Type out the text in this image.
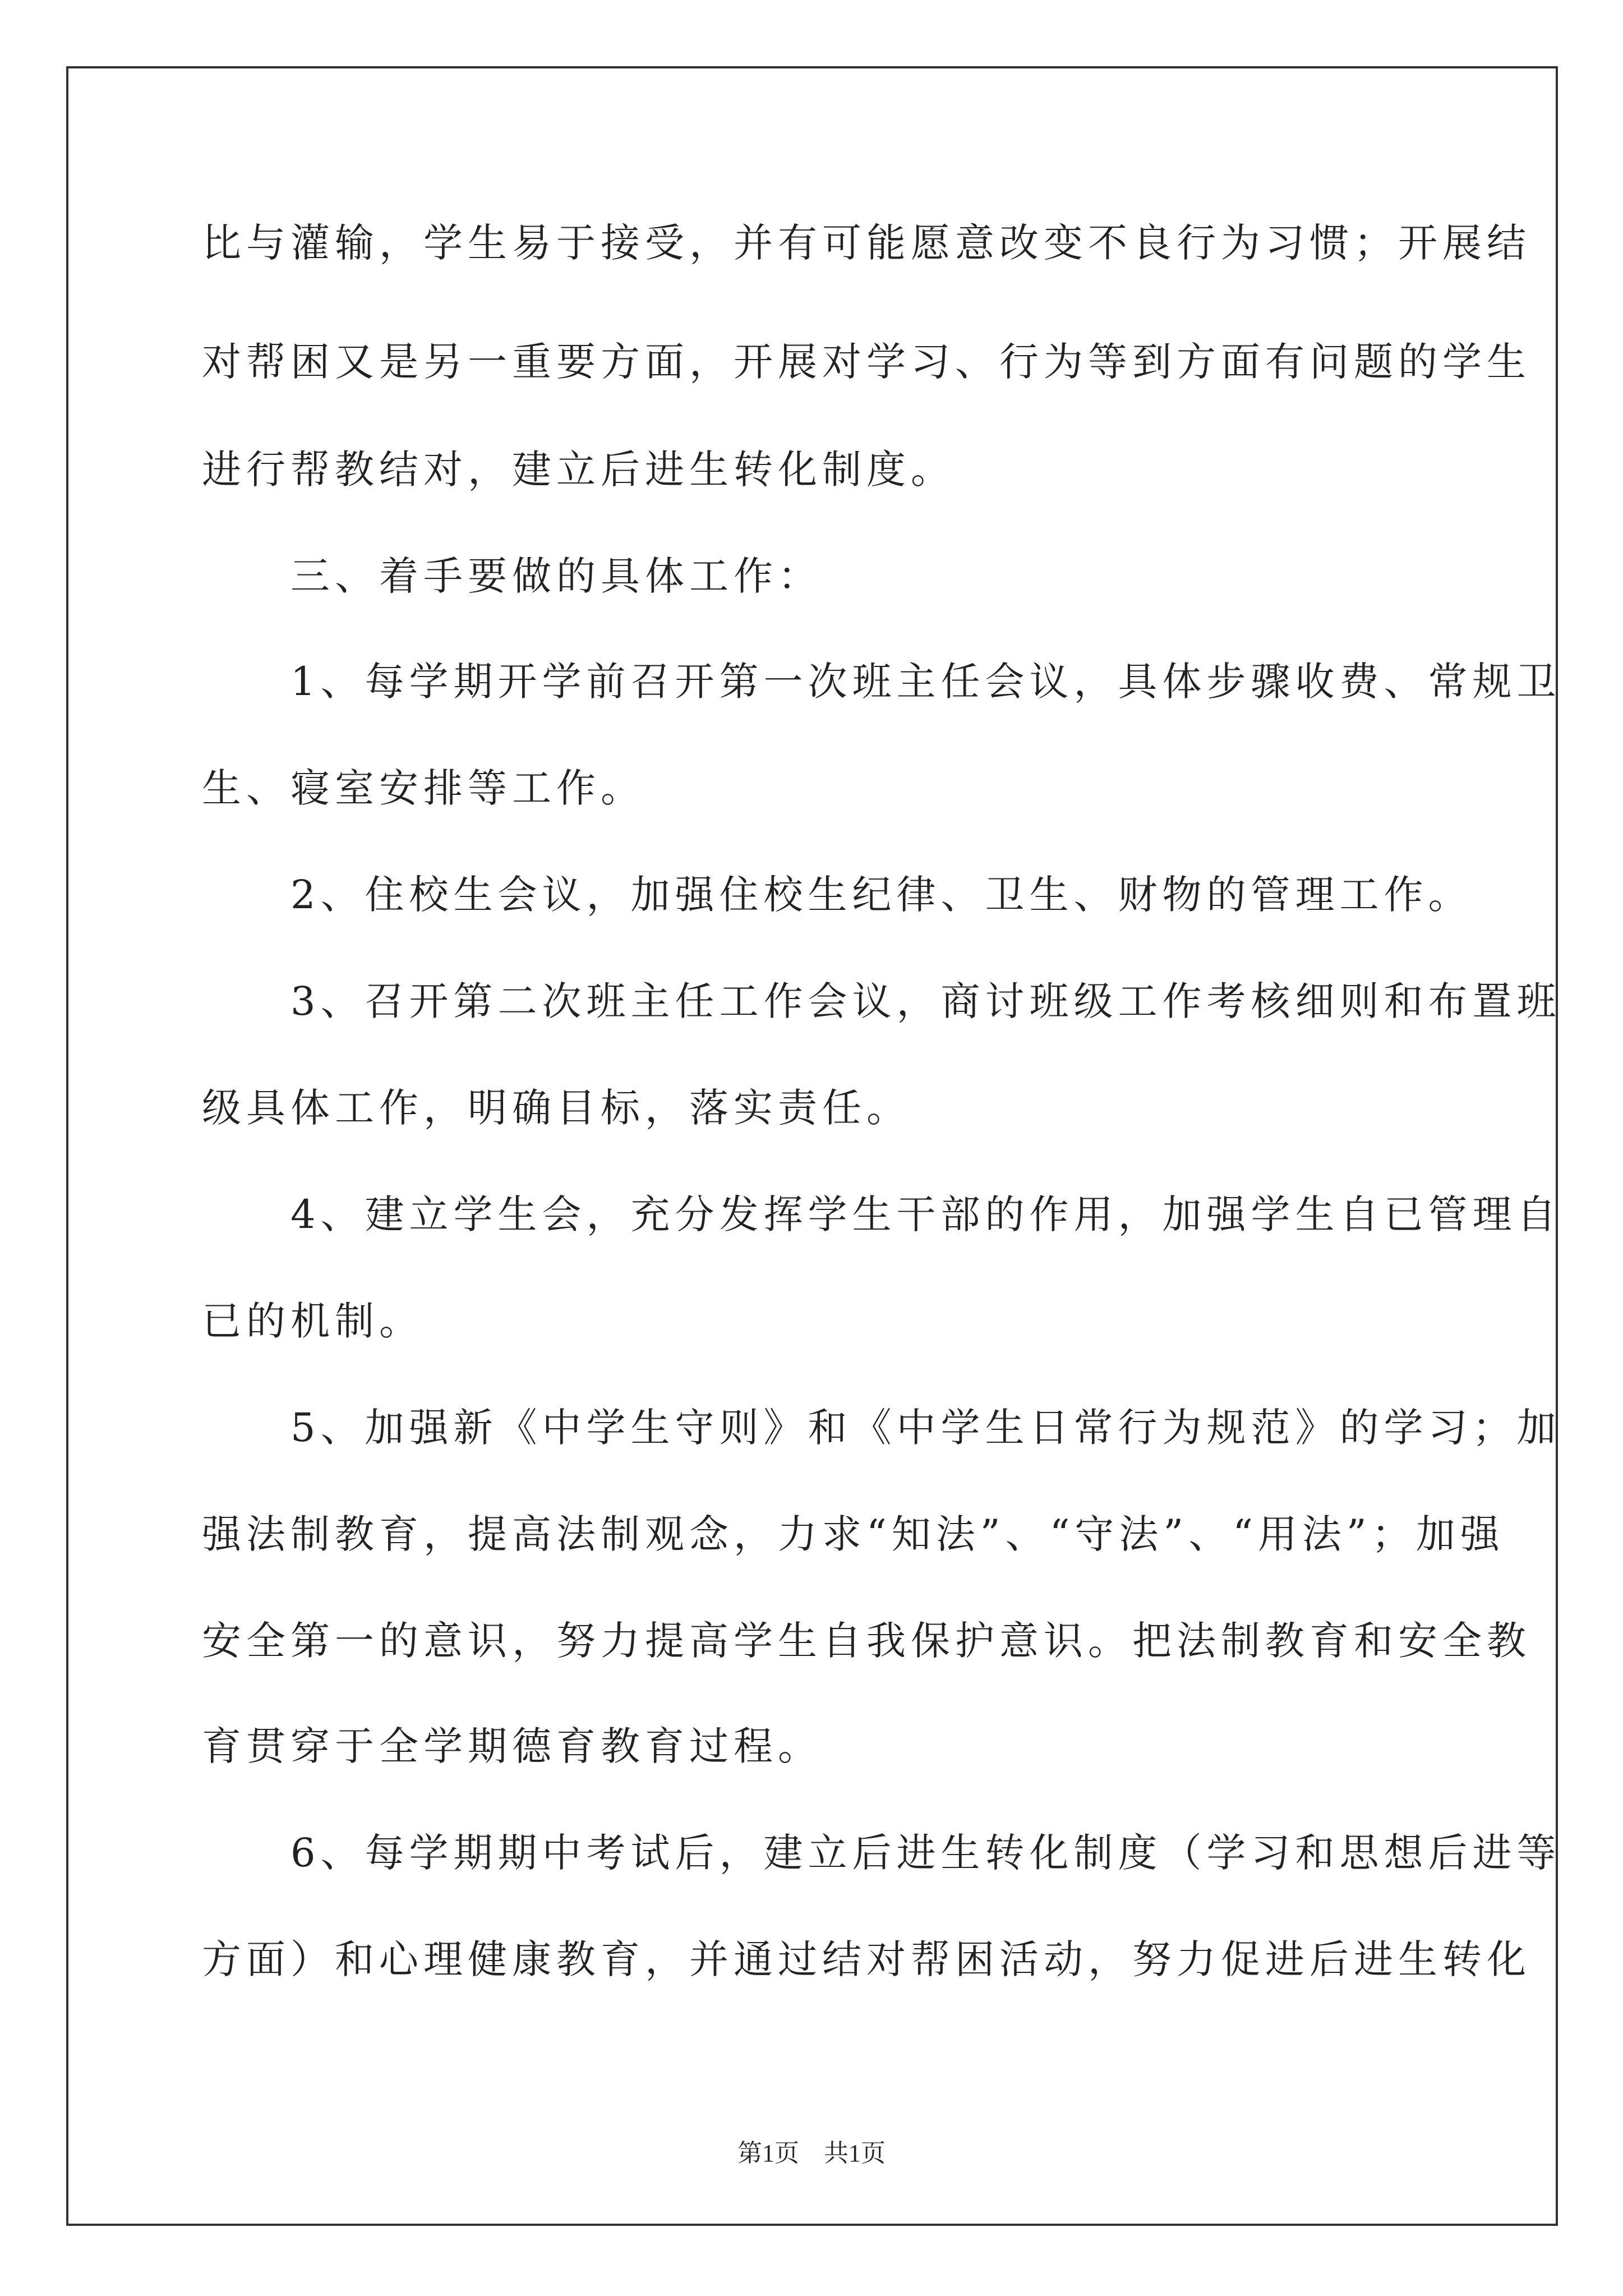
比与灌输，学生易于接受，并有可能愿意改变不良行为习惯；开展结
对帮困又是另一重要方面，开展对学习、行为等到方面有问题的学生
进行帮教结对，建立后进生转化制度。
　　三、着手要做的具体工作：
　　1、每学期开学前召开第一次班主任会议，具体步骤收费、常规卫
生、寝室安排等工作。
　　2、住校生会议，加强住校生纪律、卫生、财物的管理工作。
　　3、召开第二次班主任工作会议，商讨班级工作考核细则和布置班
级具体工作，明确目标，落实责任。
　　4、建立学生会，充分发挥学生干部的作用，加强学生自已管理自
已的机制。
　　5、加强新《中学生守则》和《中学生日常行为规范》的学习；加
强法制教育，提高法制观念，力求“知法”、“守法”、“用法”；加强
安全第一的意识，努力提高学生自我保护意识。把法制教育和安全教
育贯穿于全学期德育教育过程。
　　6、每学期期中考试后，建立后进生转化制度（学习和思想后进等
方面）和心理健康教育，并通过结对帮困活动，努力促进后进生转化
第1页　共1页
